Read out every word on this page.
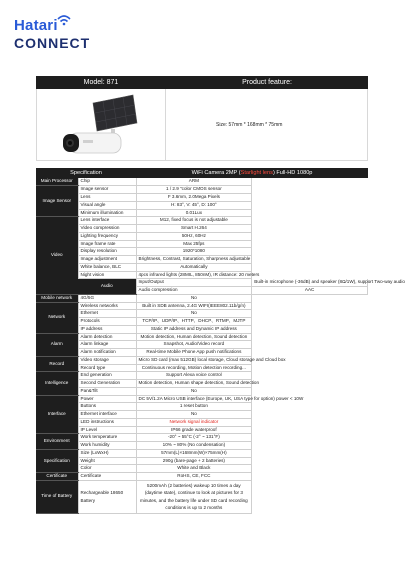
Hatari
CONNECT
Model: 871	Product feature:
Size: 57mm * 168mm * 75mm
Specification	WiFi Camera 2MP (Starlight lens) Full-HD 1080p
Main Processor	Chip	ARM	
Image Sensor	Image sensor	1 / 2.9 "color CMOS sensor	
	Lens	F 3.6mm, 2.0Mega Pixels	
	Visual angle	H: 83°, V: 45°, D: 100°	
	Minimum illumination	0.01Lux	
Video	Lens interface	M12, fixed focus is not adjustable	
	Video compression	Smart H.264	
	Lighting frequency	50Hz, 60Hz	
	Image frame rate	Max 25fps	
	Display resolution	1920*1080	
	Image adjustment	Brightness, Contrast, Saturation, Sharpness adjustable	
	White balance, BLC	Automatically	
	Night vision	4pcs infrared lights (28MIL, 850nM), IR distance: 20 meters	
	Audio	Input/Output	Built-in microphone (-36dB) and speaker (8Ω/1W), support Two-way audio
		Audio compression	AAC
Mobile network	4G/5G	No	
Network	Wireless networks	Built in SDB antenna, 2.4G WIFI(IEEE802.11b/g/n)	
	Ethernet	No	
	Protocols	TCP/IP、UDP/IP、HTTP、DHCP、RTMP、MJTP	
	IP address	Static IP address and Dynamic IP address	
Alarm	Alarm detection	Motion detection, Human detection, Sound detection	
	Alarm linkage	Snapshot, Audio/Video record	
	Alarm notification	Real-time Mobile Phone App push notifications	
Record	Video storage	Micro SD card (max 512GB) local storage, Cloud storage and Cloud box	
	Record type	Continuous recording, Motion detection recording...	
Intelligence	End generation	Support Alexa voice control	
	Second Generation	Motion detection, Human shape detection, Sound detection	
	Pan&Tilt	No	
Interface	Power	DC 5V/1.2A Micro USB interface (Europe, UK, USA type for option) power < 10W	
	Buttons	1 reset button	
	Ethernet interface	No	
	LED instructions	Network signal indicator	
	IP Level	IP66 grade waterproof	
Environment	Work temperature	-20° ~ 55°C (-2° ~ 131°F)	
	Work humidity	10% ~ 80% (No condensation)	
Specification	Size (LxWxH)	57mm(L)×168mm(W)×75mm(H)	
	Weight	290g (bare-page + 2 batteries)	
	Color	White and Black	
Certificate	Certificate	RoHS, CE, FCC	
Time of Battery	Rechargeable 18650 Battery	5200mAh (2 batteries) wakeup 10 times a day (daytime state), continue to look at pictures for 3 minutes, and the battery life under SD card recording conditions is up to 2 months	
